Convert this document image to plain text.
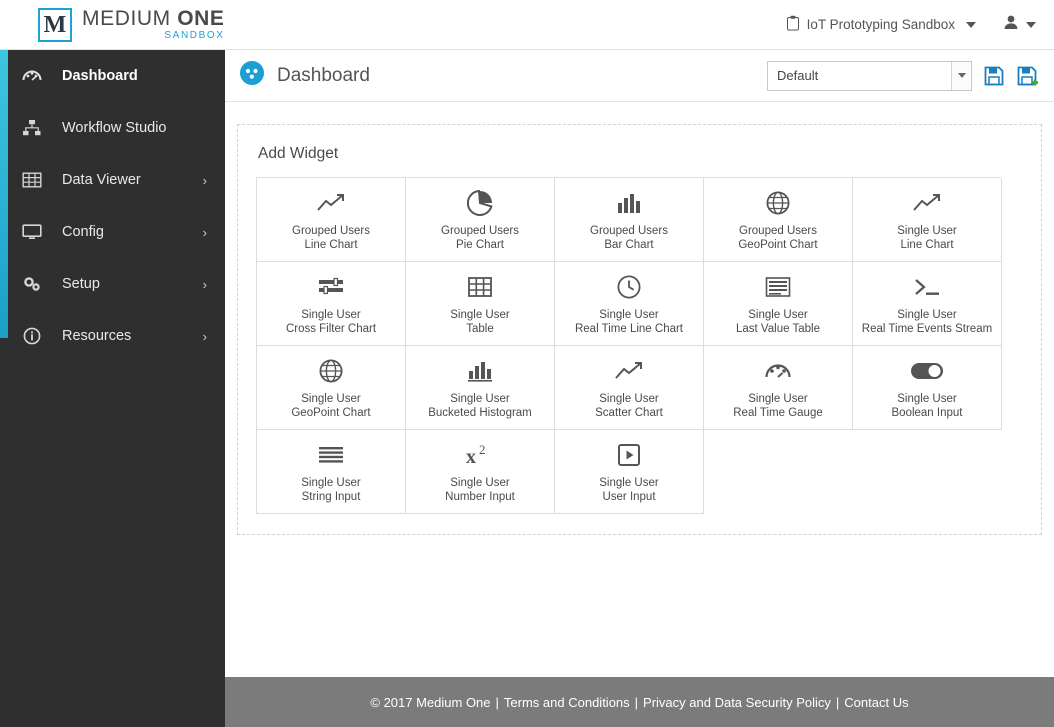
M MEDIUM ONE
SANDBOX
IoT Prototyping Sandbox
Dashboard
Workflow Studio
Data Viewer	›
Config	›
Setup	›
Resources	›
Dashboard	Default
Add Widget
Grouped Users
Line Chart
Grouped Users
Pie Chart
Grouped Users
Bar Chart
Grouped Users
GeoPoint Chart
Single User
Line Chart
Single User
Cross Filter Chart
Single User
Table
Single User
Real Time Line Chart
Single User
Last Value Table
Single User
Real Time Events Stream
Single User
GeoPoint Chart
Single User
Bucketed Histogram
Single User
Scatter Chart
Single User
Real Time Gauge
Single User
Boolean Input
Single User
String Input
x 2
Single User
Number Input
Single User
User Input
© 2017 Medium One | Terms and Conditions | Privacy and Data Security Policy | Contact Us
